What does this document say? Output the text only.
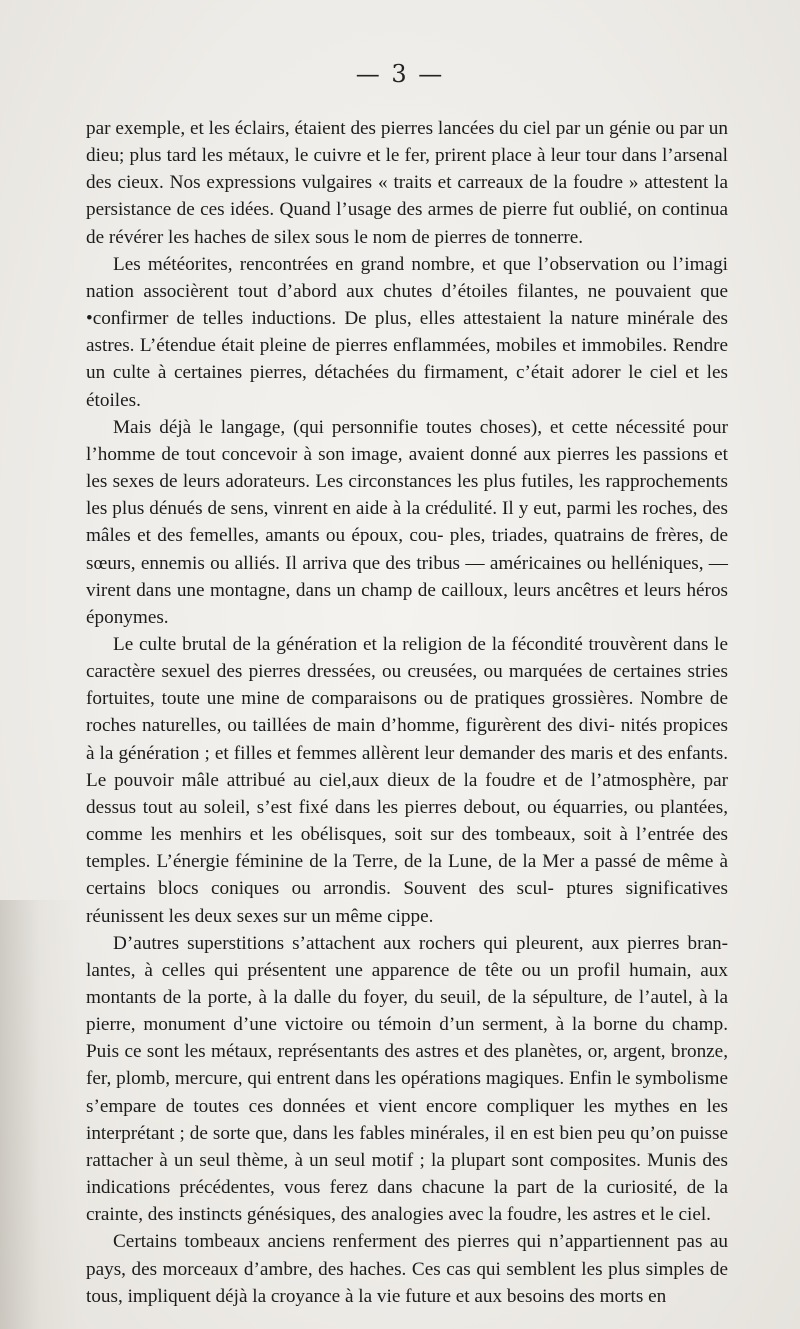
— 3 —

par exemple, et les éclairs, étaient des pierres lancées du ciel par un génie ou par un dieu; plus tard les métaux, le cuivre et le fer, prirent place à leur tour dans l’arsenal des cieux. Nos expressions vulgaires « traits et carreaux de la foudre » attestent la persistance de ces idées. Quand l’usage des armes de pierre fut oublié, on continua de révérer les haches de silex sous le nom de pierres de tonnerre.

Les météorites, rencontrées en grand nombre, et que l’observation ou l’imagi nation associèrent tout d’abord aux chutes d’étoiles filantes, ne pouvaient que •confirmer de telles inductions. De plus, elles attestaient la nature minérale des astres. L’étendue était pleine de pierres enflammées, mobiles et immobiles. Rendre un culte à certaines pierres, détachées du firmament, c’était adorer le ciel et les étoiles.

Mais déjà le langage, (qui personnifie toutes choses), et cette nécessité pour l’homme de tout concevoir à son image, avaient donné aux pierres les passions et les sexes de leurs adorateurs. Les circonstances les plus futiles, les rapprochements les plus dénués de sens, vinrent en aide à la crédulité. Il y eut, parmi les roches, des mâles et des femelles, amants ou époux, cou- ples, triades, quatrains de frères, de sœurs, ennemis ou alliés. Il arriva que des tribus — américaines ou helléniques, — virent dans une montagne, dans un champ de cailloux, leurs ancêtres et leurs héros éponymes.

Le culte brutal de la génération et la religion de la fécondité trouvèrent dans le caractère sexuel des pierres dressées, ou creusées, ou marquées de certaines stries fortuites, toute une mine de comparaisons ou de pratiques grossières. Nombre de roches naturelles, ou taillées de main d’homme, figurèrent des divi- nités propices à la génération ; et filles et femmes allèrent leur demander des maris et des enfants. Le pouvoir mâle attribué au ciel,aux dieux de la foudre et de l’atmosphère, par dessus tout au soleil, s’est fixé dans les pierres debout, ou équarries, ou plantées, comme les menhirs et les obélisques, soit sur des tombeaux, soit à l’entrée des temples. L’énergie féminine de la Terre, de la Lune, de la Mer a passé de même à certains blocs coniques ou arrondis. Souvent des scul- ptures significatives réunissent les deux sexes sur un même cippe.

D’autres superstitions s’attachent aux rochers qui pleurent, aux pierres bran- lantes, à celles qui présentent une apparence de tête ou un profil humain, aux montants de la porte, à la dalle du foyer, du seuil, de la sépulture, de l’autel, à la pierre, monument d’une victoire ou témoin d’un serment, à la borne du champ. Puis ce sont les métaux, représentants des astres et des planètes, or, argent, bronze, fer, plomb, mercure, qui entrent dans les opérations magiques. Enfin le symbolisme s’empare de toutes ces données et vient encore compliquer les mythes en les interprétant ; de sorte que, dans les fables minérales, il en est bien peu qu’on puisse rattacher à un seul thème, à un seul motif ; la plupart sont composites. Munis des indications précédentes, vous ferez dans chacune la part de la curiosité, de la crainte, des instincts génésiques, des analogies avec la foudre, les astres et le ciel.

Certains tombeaux anciens renferment des pierres qui n’appartiennent pas au pays, des morceaux d’ambre, des haches. Ces cas qui semblent les plus simples de tous, impliquent déjà la croyance à la vie future et aux besoins des morts en
